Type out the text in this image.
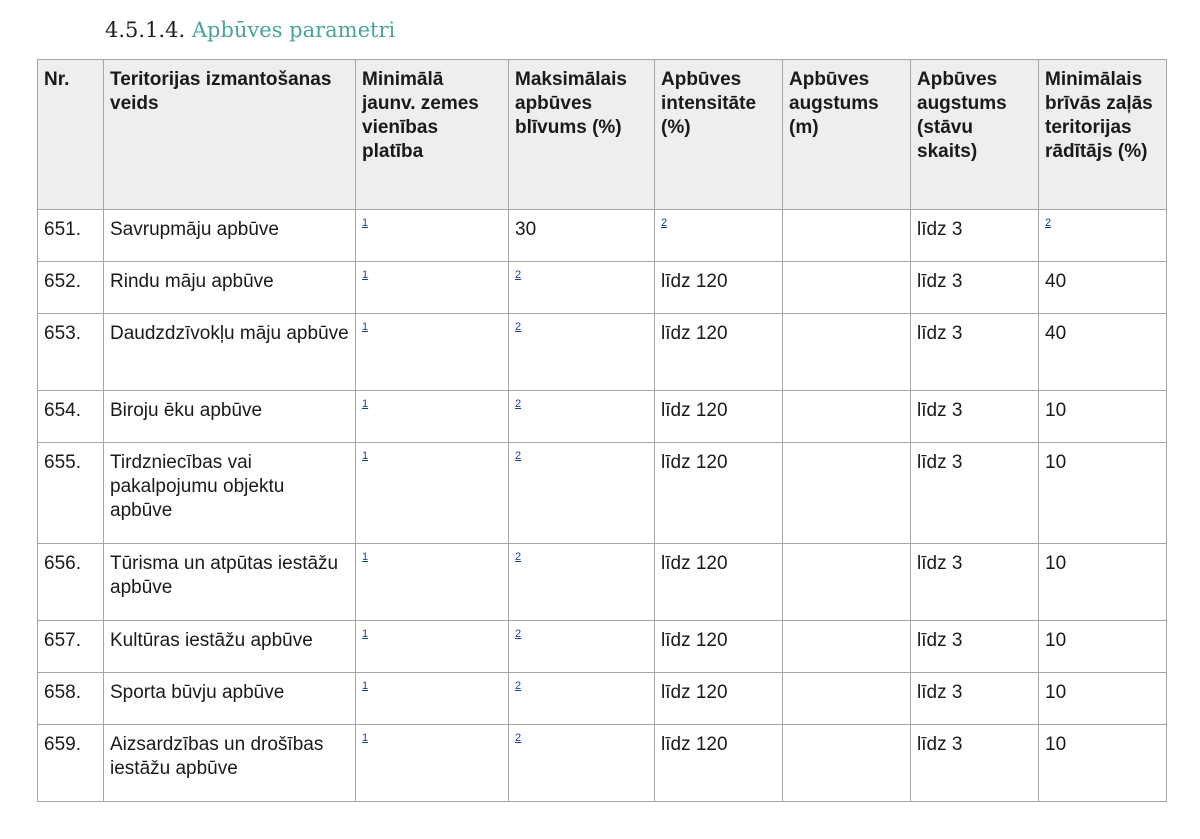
4.5.1.4. Apbūves parametri
Nr.	Teritorijas izmantošanas veids	Minimālā jaunv. zemes vienības platība	Maksimālais apbūves blīvums (%)	Apbūves intensitāte (%)	Apbūves augstums (m)	Apbūves augstums (stāvu skaits)	Minimālais brīvās zaļās teritorijas rādītājs (%)
651.	Savrupmāju apbūve	1	30	2		līdz 3	2
652.	Rindu māju apbūve	1	2	līdz 120		līdz 3	40
653.	Daudzdzīvokļu māju apbūve	1	2	līdz 120		līdz 3	40
654.	Biroju ēku apbūve	1	2	līdz 120		līdz 3	10
655.	Tirdzniecības vai pakalpojumu objektu apbūve	1	2	līdz 120		līdz 3	10
656.	Tūrisma un atpūtas iestāžu apbūve	1	2	līdz 120		līdz 3	10
657.	Kultūras iestāžu apbūve	1	2	līdz 120		līdz 3	10
658.	Sporta būvju apbūve	1	2	līdz 120		līdz 3	10
659.	Aizsardzības un drošības iestāžu apbūve	1	2	līdz 120		līdz 3	10
